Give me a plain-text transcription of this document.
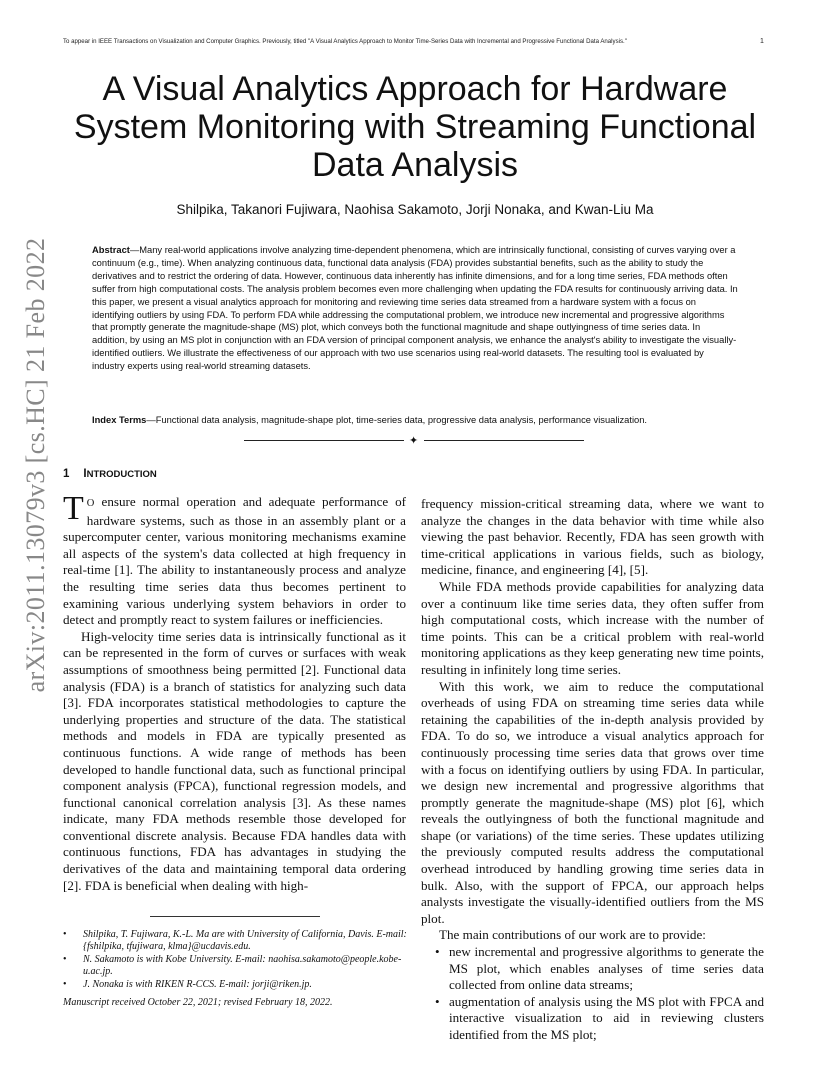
To appear in IEEE Transactions on Visualization and Computer Graphics. Previously, titled "A Visual Analytics Approach to Monitor Time-Series Data with Incremental and Progressive Functional Data Analysis."	1
arXiv:2011.13079v3 [cs.HC] 21 Feb 2022
A Visual Analytics Approach for Hardware System Monitoring with Streaming Functional Data Analysis
Shilpika, Takanori Fujiwara, Naohisa Sakamoto, Jorji Nonaka, and Kwan-Liu Ma
Abstract—Many real-world applications involve analyzing time-dependent phenomena, which are intrinsically functional, consisting of curves varying over a continuum (e.g., time). When analyzing continuous data, functional data analysis (FDA) provides substantial benefits, such as the ability to study the derivatives and to restrict the ordering of data. However, continuous data inherently has infinite dimensions, and for a long time series, FDA methods often suffer from high computational costs. The analysis problem becomes even more challenging when updating the FDA results for continuously arriving data. In this paper, we present a visual analytics approach for monitoring and reviewing time series data streamed from a hardware system with a focus on identifying outliers by using FDA. To perform FDA while addressing the computational problem, we introduce new incremental and progressive algorithms that promptly generate the magnitude-shape (MS) plot, which conveys both the functional magnitude and shape outlyingness of time series data. In addition, by using an MS plot in conjunction with an FDA version of principal component analysis, we enhance the analyst's ability to investigate the visually-identified outliers. We illustrate the effectiveness of our approach with two use scenarios using real-world datasets. The resulting tool is evaluated by industry experts using real-world streaming datasets.
Index Terms—Functional data analysis, magnitude-shape plot, time-series data, progressive data analysis, performance visualization.
✦
1 INTRODUCTION

T O ensure normal operation and adequate performance of hardware systems, such as those in an assembly plant or a supercomputer center, various monitoring mechanisms examine all aspects of the system's data collected at high frequency in real-time [1]. The ability to instantaneously process and analyze the resulting time series data thus becomes pertinent to examining various underlying system behaviors in order to detect and promptly react to system failures or inefficiencies.

High-velocity time series data is intrinsically functional as it can be represented in the form of curves or surfaces with weak assumptions of smoothness being permitted [2]. Functional data analysis (FDA) is a branch of statistics for analyzing such data [3]. FDA incorporates statistical methodologies to capture the underlying properties and structure of the data. The statistical methods and models in FDA are typically presented as continuous functions. A wide range of methods has been developed to handle functional data, such as functional principal component analysis (FPCA), functional regression models, and functional canonical correlation analysis [3]. As these names indicate, many FDA methods resemble those developed for conventional discrete analysis. Because FDA handles data with continuous functions, FDA has advantages in studying the derivatives of the data and maintaining temporal data ordering [2]. FDA is beneficial when dealing with high-

frequency mission-critical streaming data, where we want to analyze the changes in the data behavior with time while also viewing the past behavior. Recently, FDA has seen growth with time-critical applications in various fields, such as biology, medicine, finance, and engineering [4], [5].

While FDA methods provide capabilities for analyzing data over a continuum like time series data, they often suffer from high computational costs, which increase with the number of time points. This can be a critical problem with real-world monitoring applications as they keep generating new time points, resulting in infinitely long time series.

With this work, we aim to reduce the computational overheads of using FDA on streaming time series data while retaining the capabilities of the in-depth analysis provided by FDA. To do so, we introduce a visual analytics approach for continuously processing time series data that grows over time with a focus on identifying outliers by using FDA. In particular, we design new incremental and progressive algorithms that promptly generate the magnitude-shape (MS) plot [6], which reveals the outlyingness of both the functional magnitude and shape (or variations) of the time series. These updates utilizing the previously computed results address the computational overhead introduced by handling growing time series data in bulk. Also, with the support of FPCA, our approach helps analysts investigate the visually-identified outliers from the MS plot.

The main contributions of our work are to provide:

• new incremental and progressive algorithms to generate the MS plot, which enables analyses of time series data collected from online data streams;
• augmentation of analysis using the MS plot with FPCA and interactive visualization to aid in reviewing clusters identified from the MS plot;
• Shilpika, T. Fujiwara, K.-L. Ma are with University of California, Davis. E-mail: {fshilpika, tfujiwara, klma}@ucdavis.edu.
• N. Sakamoto is with Kobe University. E-mail: naohisa.sakamoto@people.kobe-u.ac.jp.
• J. Nonaka is with RIKEN R-CCS. E-mail: jorji@riken.jp.
Manuscript received October 22, 2021; revised February 18, 2022.
